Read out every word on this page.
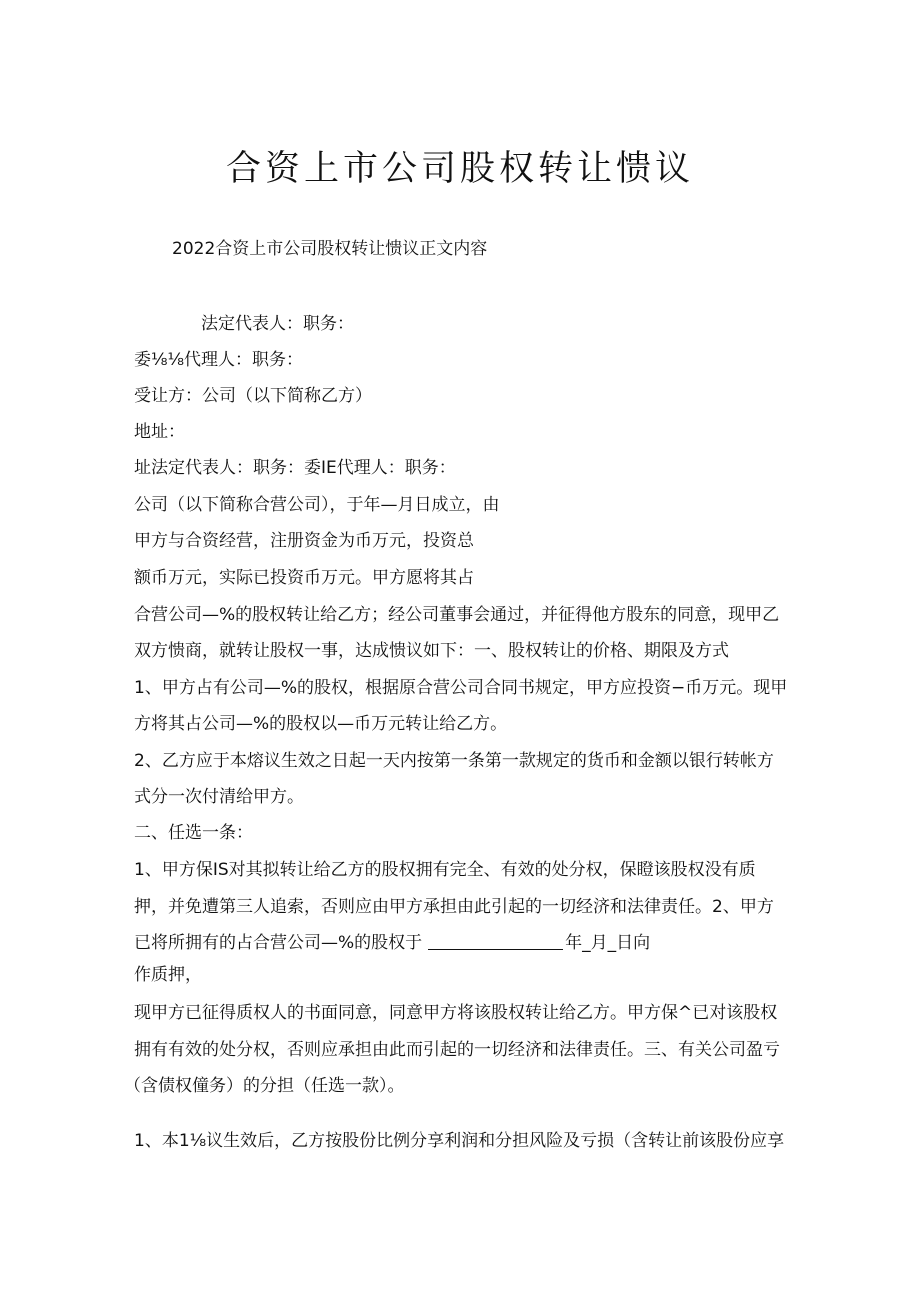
合资上市公司股权转让愦议
2022合资上市公司股权转让愦议正文内容
法定代表人：职务：
委⅛⅛代理人：职务：
受让方：公司（以下简称乙方）
地址：
址法定代表人：职务：委IE代理人：职务：
公司（以下简称合营公司），于年—月日成立，由
甲方与合资经营，注册资金为币万元，投资总
额币万元，实际已投资币万元。甲方愿将其占
合营公司—%的股权转让给乙方；经公司董事会通过，并征得他方股东的同意，现甲乙
双方愦商，就转让股权一事，达成愦议如下：一、股权转让的价格、期限及方式
1、甲方占有公司—%的股权，根据原合营公司合同书规定，甲方应投资−币万元。现甲
方将其占公司—%的股权以—币万元转让给乙方。
2、乙方应于本熔议生效之日起一天内按第一条第一款规定的货币和金额以银行转帐方
式分一次付清给甲方。
二、任选一条：
1、甲方保IS对其拟转让给乙方的股权拥有完全、有效的处分权，保瞪该股权没有质
押，并免遭第三人追索，否则应由甲方承担由此引起的一切经济和法律责任。2、甲方
已将所拥有的占合营公司—%的股权于	年_月_日向
作质押，
现甲方已征得质权人的书面同意，同意甲方将该股权转让给乙方。甲方保^已对该股权
拥有有效的处分权，否则应承担由此而引起的一切经济和法律责任。三、有关公司盈亏
（含债权僮务）的分担（任选一款）。
1、本1⅛议生效后，乙方按股份比例分享利润和分担风险及亏损（含转让前该股份应享
